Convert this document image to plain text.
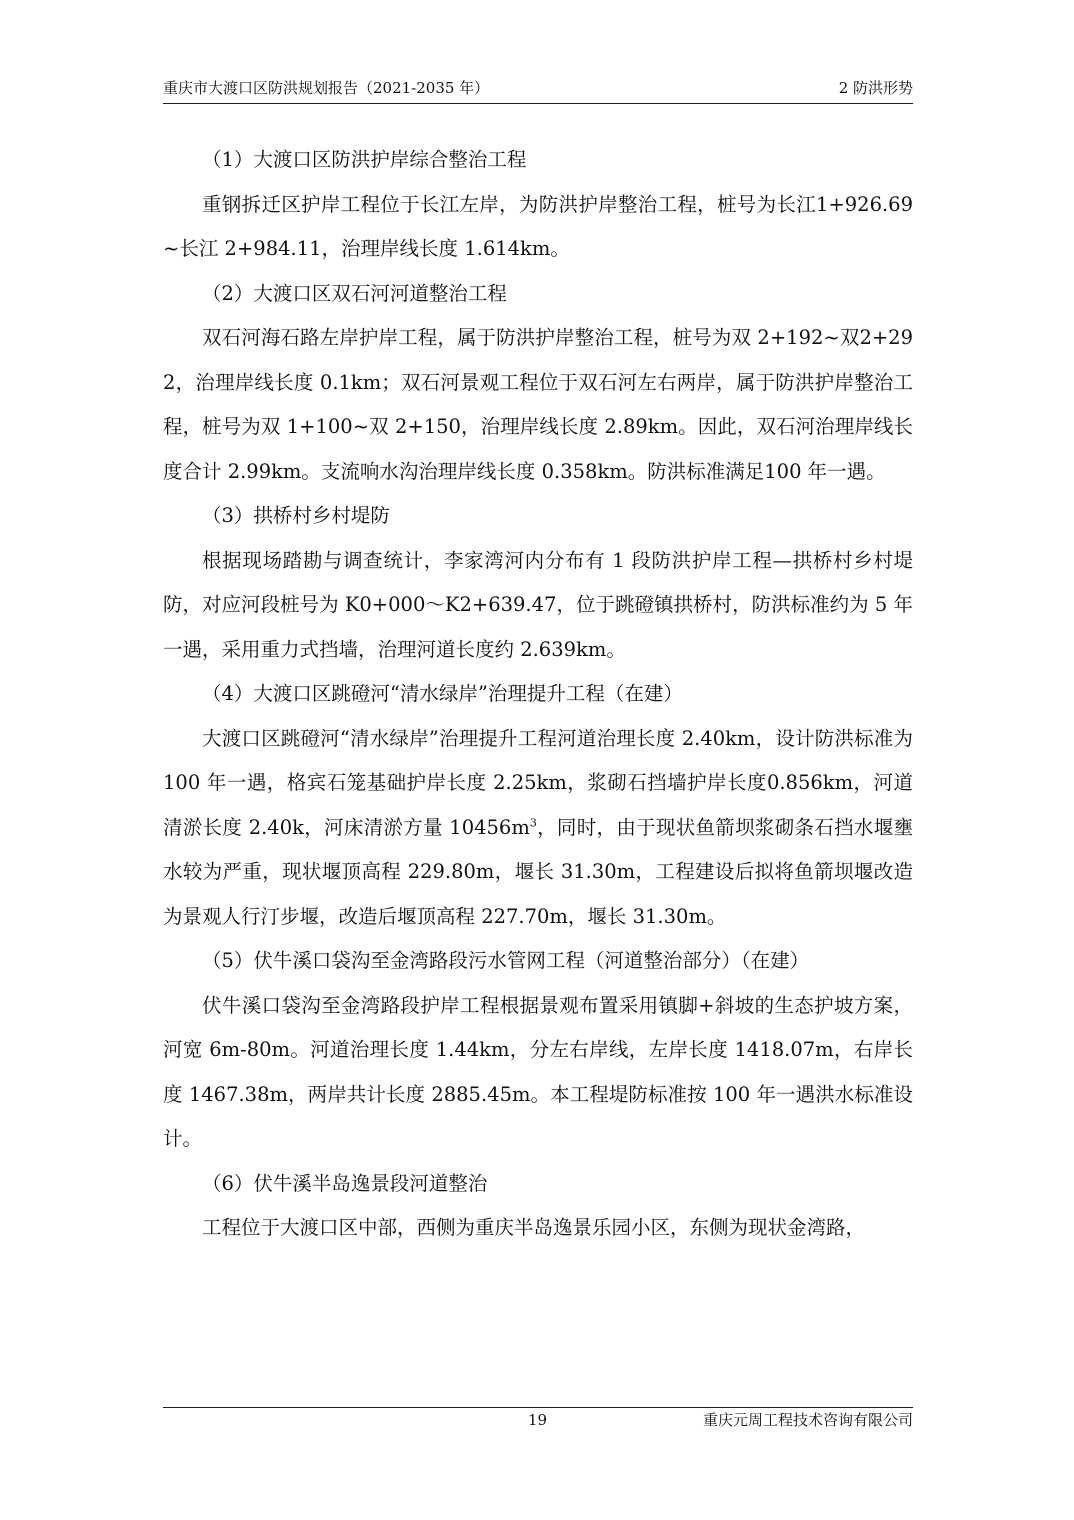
重庆市大渡口区防洪规划报告（2021-2035 年）	2 防洪形势

（1）大渡口区防洪护岸综合整治工程

重钢拆迁区护岸工程位于长江左岸，为防洪护岸整治工程，桩号为长江1+926.69~长江 2+984.11，治理岸线长度 1.614km。

（2）大渡口区双石河河道整治工程

双石河海石路左岸护岸工程，属于防洪护岸整治工程，桩号为双 2+192~双2+292，治理岸线长度 0.1km；双石河景观工程位于双石河左右两岸，属于防洪护岸整治工程，桩号为双 1+100~双 2+150，治理岸线长度 2.89km。因此，双石河治理岸线长度合计 2.99km。支流响水沟治理岸线长度 0.358km。防洪标准满足100 年一遇。

（3）拱桥村乡村堤防

根据现场踏勘与调查统计，李家湾河内分布有 1 段防洪护岸工程—拱桥村乡村堤防，对应河段桩号为 K0+000～K2+639.47，位于跳磴镇拱桥村，防洪标准约为 5 年一遇，采用重力式挡墙，治理河道长度约 2.639km。

（4）大渡口区跳磴河“清水绿岸”治理提升工程（在建）

大渡口区跳磴河“清水绿岸”治理提升工程河道治理长度 2.40km，设计防洪标准为 100 年一遇，格宾石笼基础护岸长度 2.25km，浆砌石挡墙护岸长度0.856km，河道清淤长度 2.40k，河床清淤方量 $10456m^3$，同时，由于现状鱼箭坝浆砌条石挡水堰壅水较为严重，现状堰顶高程 229.80m，堰长 31.30m，工程建设后拟将鱼箭坝堰改造为景观人行汀步堰，改造后堰顶高程 227.70m，堰长 31.30m。

（5）伏牛溪口袋沟至金湾路段污水管网工程（河道整治部分）（在建）

伏牛溪口袋沟至金湾路段护岸工程根据景观布置采用镇脚+斜坡的生态护坡方案，河宽 6m-80m。河道治理长度 1.44km，分左右岸线，左岸长度 1418.07m，右岸长度 1467.38m，两岸共计长度 2885.45m。本工程堤防标准按 100 年一遇洪水标准设计。

（6）伏牛溪半岛逸景段河道整治

工程位于大渡口区中部，西侧为重庆半岛逸景乐园小区，东侧为现状金湾路，

19	重庆元周工程技术咨询有限公司
